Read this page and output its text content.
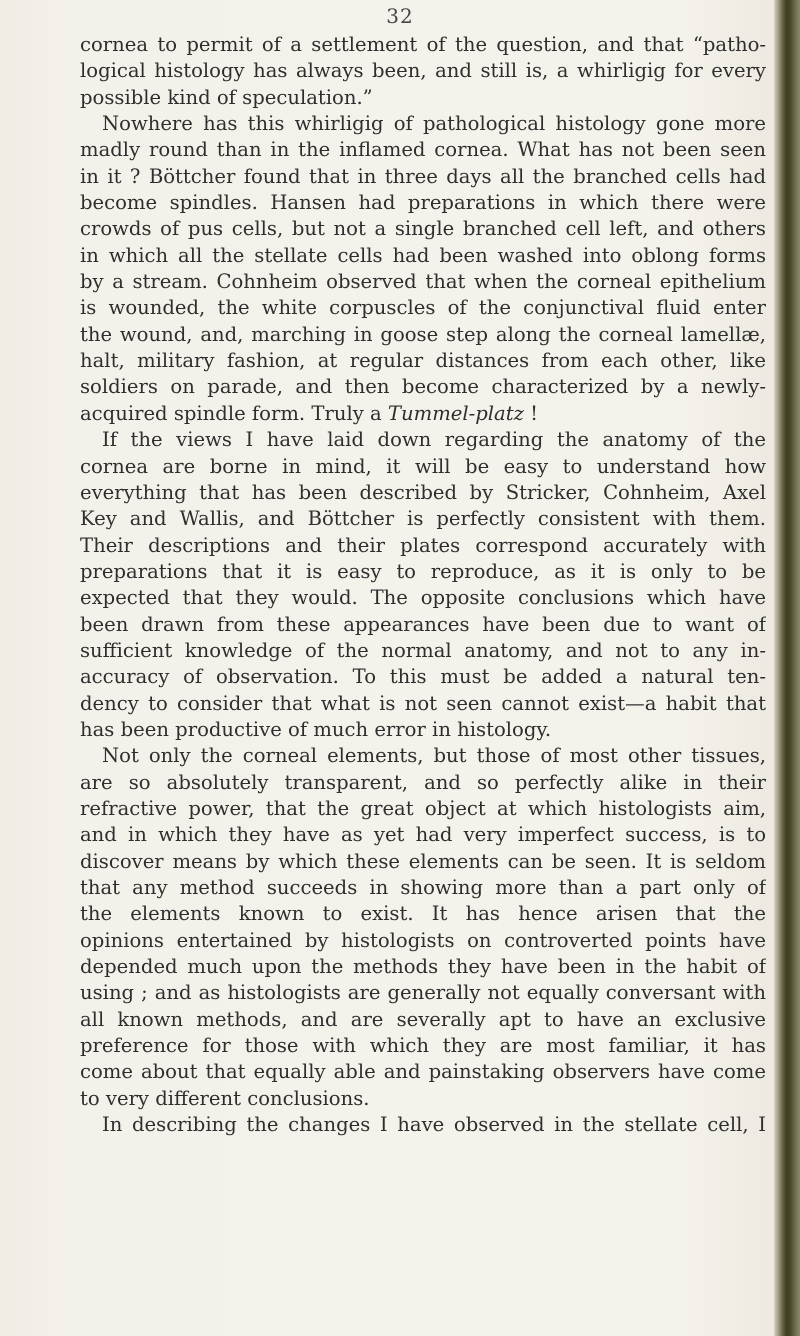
32
cornea to permit of a settlement of the question, and that “patho-
logical histology has always been, and still is, a whirligig for every
possible kind of speculation.”
Nowhere has this whirligig of pathological histology gone more
madly round than in the inflamed cornea. What has not been seen
in it ? Böttcher found that in three days all the branched cells had
become spindles. Hansen had preparations in which there were
crowds of pus cells, but not a single branched cell left, and others
in which all the stellate cells had been washed into oblong forms
by a stream. Cohnheim observed that when the corneal epithelium
is wounded, the white corpuscles of the conjunctival fluid enter
the wound, and, marching in goose step along the corneal lamellæ,
halt, military fashion, at regular distances from each other, like
soldiers on parade, and then become characterized by a newly-
acquired spindle form. Truly a Tummel-platz !
If the views I have laid down regarding the anatomy of the
cornea are borne in mind, it will be easy to understand how
everything that has been described by Stricker, Cohnheim, Axel
Key and Wallis, and Böttcher is perfectly consistent with them.
Their descriptions and their plates correspond accurately with
preparations that it is easy to reproduce, as it is only to be
expected that they would. The opposite conclusions which have
been drawn from these appearances have been due to want of
sufficient knowledge of the normal anatomy, and not to any in-
accuracy of observation. To this must be added a natural ten-
dency to consider that what is not seen cannot exist—a habit that
has been productive of much error in histology.
Not only the corneal elements, but those of most other tissues,
are so absolutely transparent, and so perfectly alike in their
refractive power, that the great object at which histologists aim,
and in which they have as yet had very imperfect success, is to
discover means by which these elements can be seen. It is seldom
that any method succeeds in showing more than a part only of
the elements known to exist. It has hence arisen that the
opinions entertained by histologists on controverted points have
depended much upon the methods they have been in the habit of
using ; and as histologists are generally not equally conversant with
all known methods, and are severally apt to have an exclusive
preference for those with which they are most familiar, it has
come about that equally able and painstaking observers have come
to very different conclusions.
In describing the changes I have observed in the stellate cell, I
